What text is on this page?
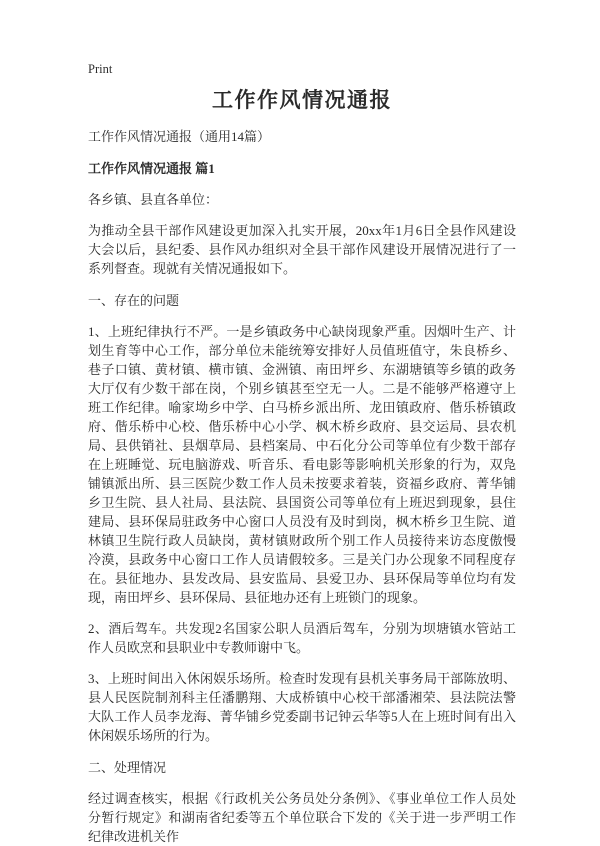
Print
工作作风情况通报

工作作风情况通报（通用14篇）

工作作风情况通报 篇1

各乡镇、县直各单位：

为推动全县干部作风建设更加深入扎实开展，20xx年1月6日全县作风建设大会以后，县纪委、县作风办组织对全县干部作风建设开展情况进行了一系列督查。现就有关情况通报如下。

一、存在的问题

1、上班纪律执行不严。一是乡镇政务中心缺岗现象严重。因烟叶生产、计划生育等中心工作，部分单位未能统筹安排好人员值班值守，朱良桥乡、巷子口镇、黄材镇、横市镇、金洲镇、南田坪乡、东湖塘镇等乡镇的政务大厅仅有少数干部在岗，个别乡镇甚至空无一人。二是不能够严格遵守上班工作纪律。喻家坳乡中学、白马桥乡派出所、龙田镇政府、偕乐桥镇政府、偕乐桥中心校、偕乐桥中心小学、枫木桥乡政府、县交运局、县农机局、县供销社、县烟草局、县档案局、中石化分公司等单位有少数干部存在上班睡觉、玩电脑游戏、听音乐、看电影等影响机关形象的行为，双凫铺镇派出所、县三医院少数工作人员未按要求着装，资福乡政府、菁华铺乡卫生院、县人社局、县法院、县国资公司等单位有上班迟到现象，县住建局、县环保局驻政务中心窗口人员没有及时到岗，枫木桥乡卫生院、道林镇卫生院行政人员缺岗，黄材镇财政所个别工作人员接待来访态度傲慢冷漠，县政务中心窗口工作人员请假较多。三是关门办公现象不同程度存在。县征地办、县发改局、县安监局、县爱卫办、县环保局等单位均有发现，南田坪乡、县环保局、县征地办还有上班锁门的现象。

2、酒后驾车。共发现2名国家公职人员酒后驾车，分别为坝塘镇水管站工作人员欧烹和县职业中专教师谢中飞。

3、上班时间出入休闲娱乐场所。检查时发现有县机关事务局干部陈放明、县人民医院制剂科主任潘鹏翔、大成桥镇中心校干部潘湘荣、县法院法警大队工作人员李龙海、菁华铺乡党委副书记钟云华等5人在上班时间有出入休闲娱乐场所的行为。

二、处理情况

经过调查核实，根据《行政机关公务员处分条例》、《事业单位工作人员处分暂行规定》和湖南省纪委等五个单位联合下发的《关于进一步严明工作纪律改进机关作
